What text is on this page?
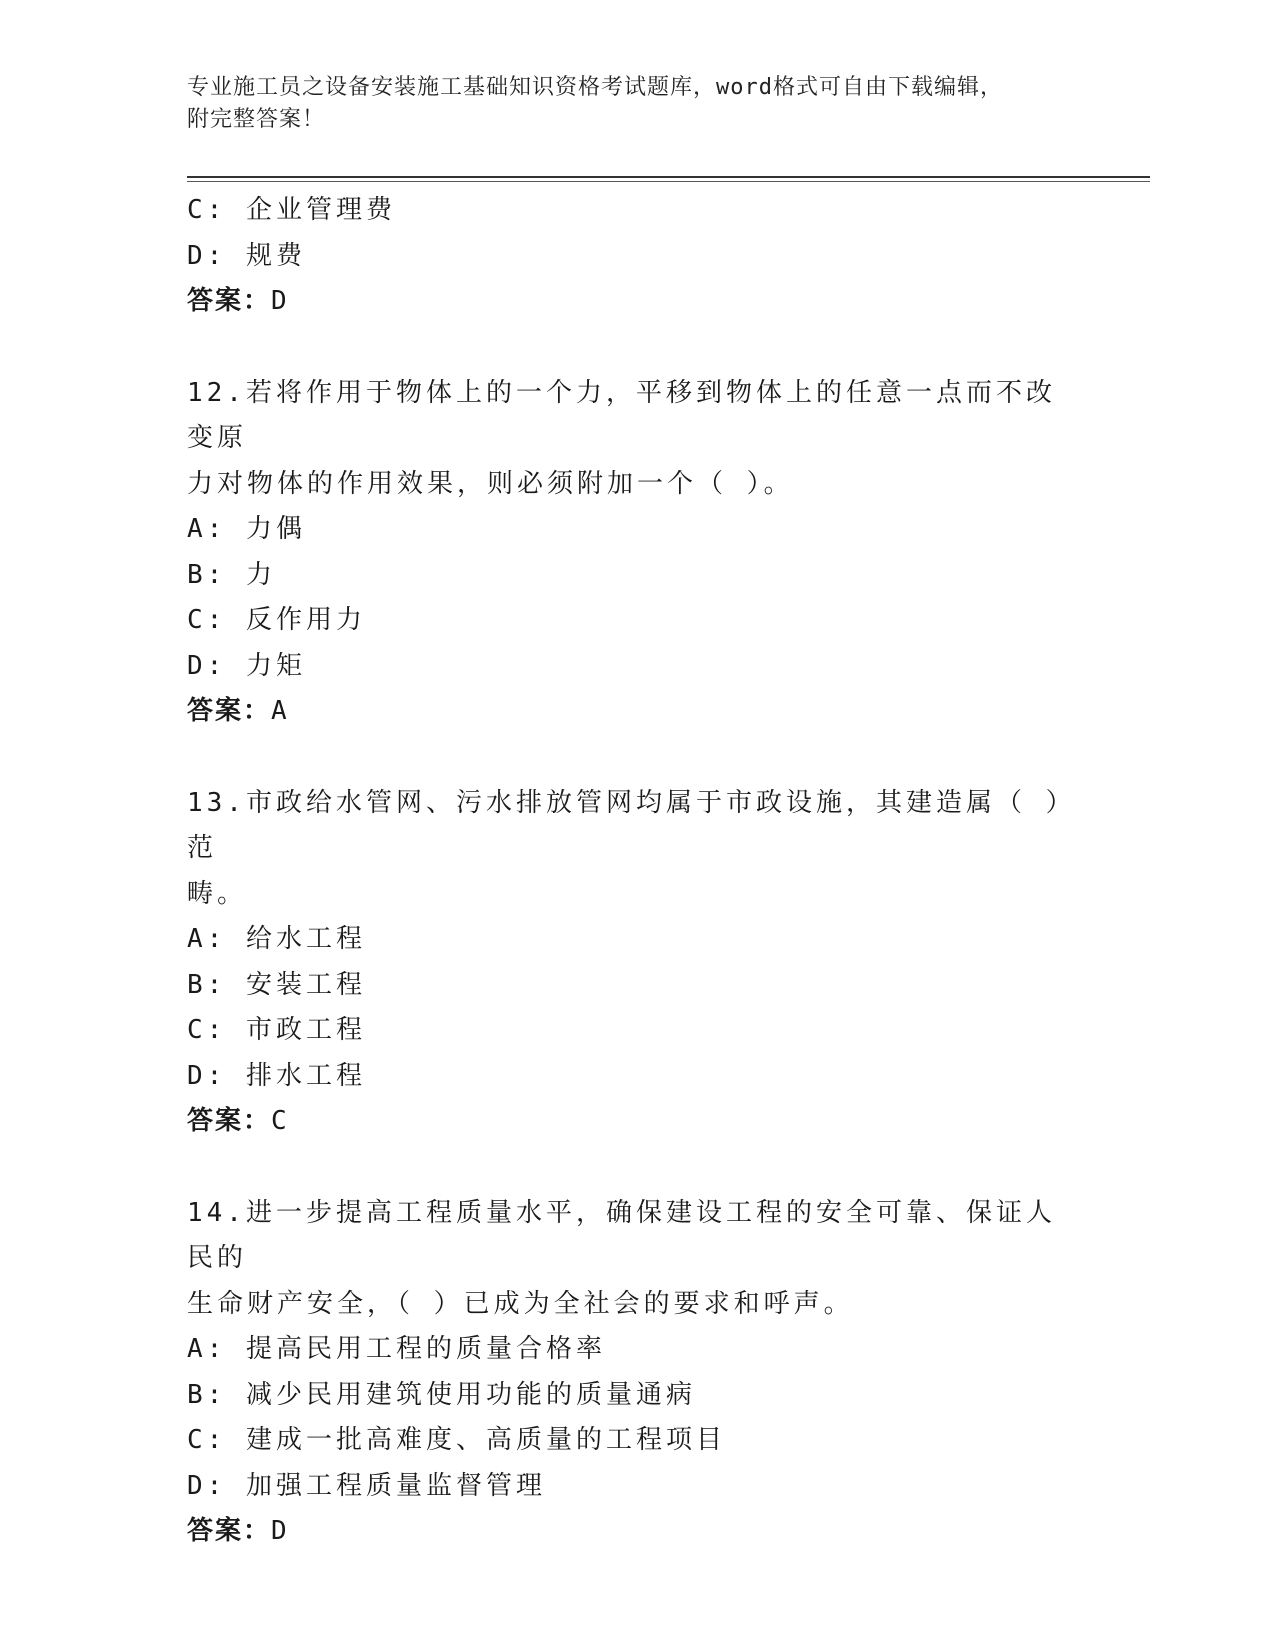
专业施工员之设备安装施工基础知识资格考试题库，word格式可自由下载编辑，
附完整答案！
C: 企业管理费
D: 规费
答案：D
12.若将作用于物体上的一个力，平移到物体上的任意一点而不改变原
力对物体的作用效果，则必须附加一个（ ）。
A: 力偶
B: 力
C: 反作用力
D: 力矩
答案：A
13.市政给水管网、污水排放管网均属于市政设施，其建造属（ ）范
畴。
A: 给水工程
B: 安装工程
C: 市政工程
D: 排水工程
答案：C
14.进一步提高工程质量水平，确保建设工程的安全可靠、保证人民的
生命财产安全，（ ）已成为全社会的要求和呼声。
A: 提高民用工程的质量合格率
B: 减少民用建筑使用功能的质量通病
C: 建成一批高难度、高质量的工程项目
D: 加强工程质量监督管理
答案：D
